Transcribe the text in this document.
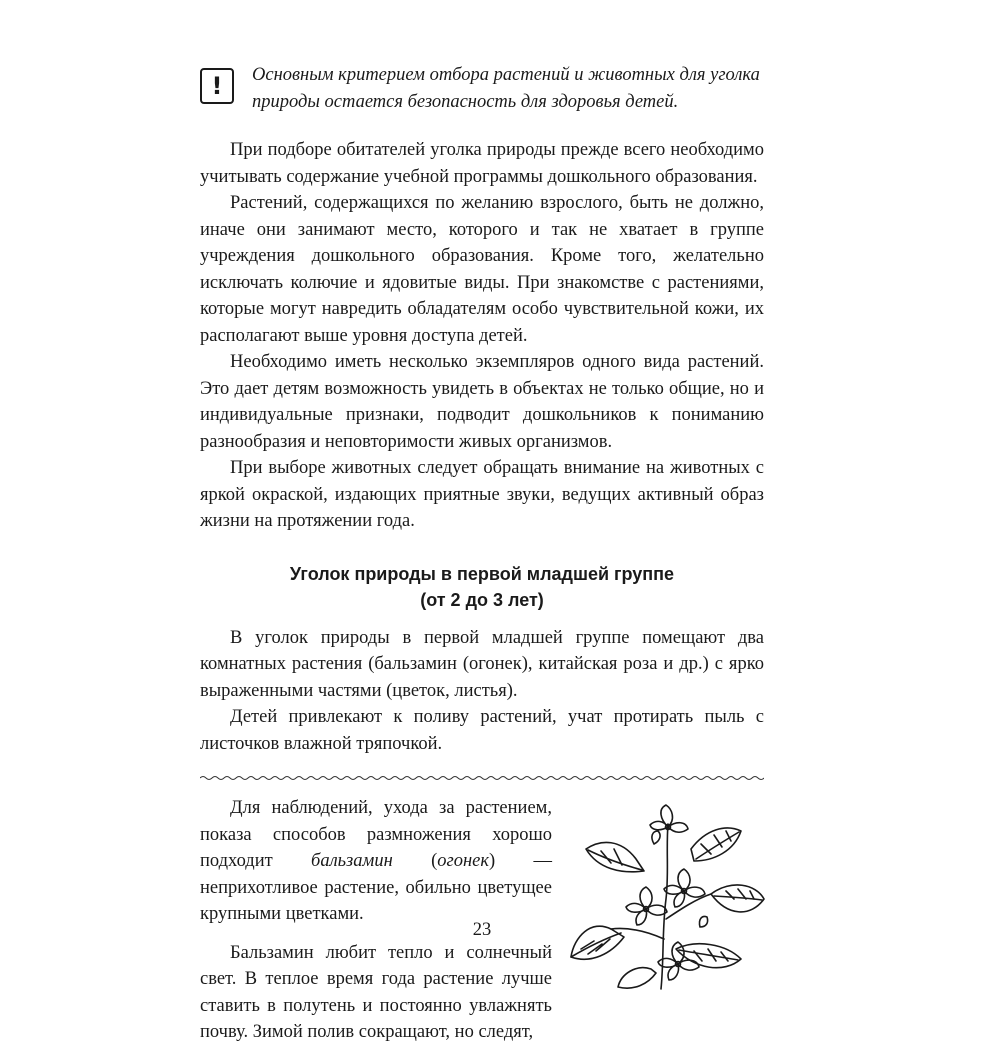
! Основным критерием отбора растений и животных для уголка природы остается безопасность для здоровья детей.

При подборе обитателей уголка природы прежде всего необходимо учитывать содержание учебной программы дошкольного образования.

Растений, содержащихся по желанию взрослого, быть не должно, иначе они занимают место, которого и так не хватает в группе учреждения дошкольного образования. Кроме того, желательно исключать колючие и ядовитые виды. При знакомстве с растениями, которые могут навредить обладателям особо чувствительной кожи, их располагают выше уровня доступа детей.

Необходимо иметь несколько экземпляров одного вида растений. Это дает детям возможность увидеть в объектах не только общие, но и индивидуальные признаки, подводит дошкольников к пониманию разнообразия и неповторимости живых организмов.

При выборе животных следует обращать внимание на животных с яркой окраской, издающих приятные звуки, ведущих активный образ жизни на протяжении года.

Уголок природы в первой младшей группе
(от 2 до 3 лет)

В уголок природы в первой младшей группе помещают два комнатных растения (бальзамин (огонек), китайская роза и др.) с ярко выраженными частями (цветок, листья).

Детей привлекают к поливу растений, учат протирать пыль с листочков влажной тряпочкой.

Для наблюдений, ухода за растением, показа способов размножения хорошо подходит бальзамин (огонек) — неприхотливое растение, обильно цветущее крупными цветками.

Бальзамин любит тепло и солнечный свет. В теплое время года растение лучше ставить в полутень и постоянно увлажнять почву. Зимой полив сокращают, но следят,

23
